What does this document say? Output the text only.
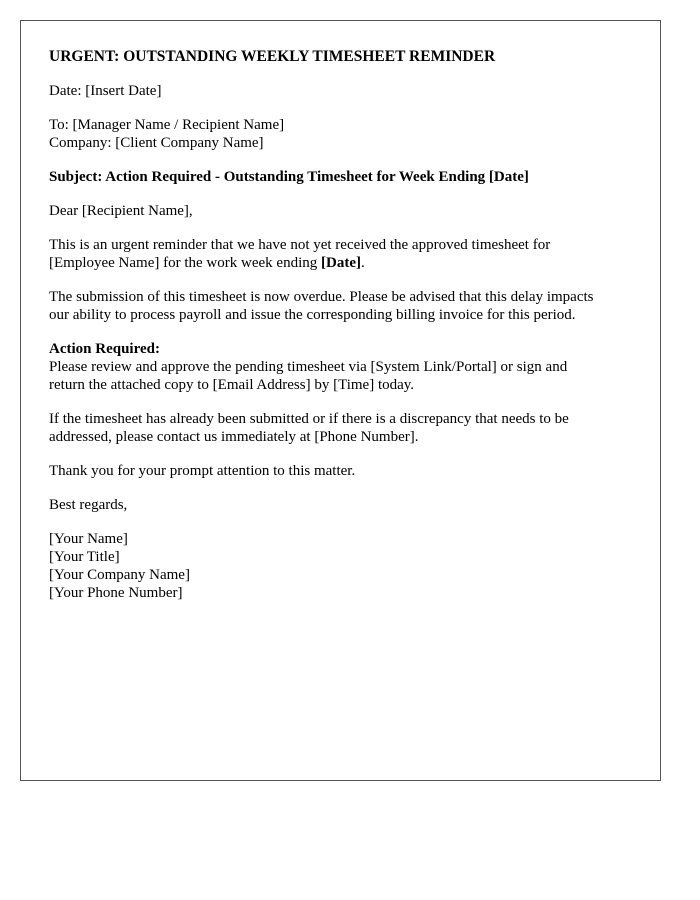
URGENT: OUTSTANDING WEEKLY TIMESHEET REMINDER

Date: [Insert Date]

To: [Manager Name / Recipient Name]
Company: [Client Company Name]

Subject: Action Required - Outstanding Timesheet for Week Ending [Date]

Dear [Recipient Name],

This is an urgent reminder that we have not yet received the approved timesheet for
[Employee Name] for the work week ending [Date].

The submission of this timesheet is now overdue. Please be advised that this delay impacts
our ability to process payroll and issue the corresponding billing invoice for this period.

Action Required:
Please review and approve the pending timesheet via [System Link/Portal] or sign and
return the attached copy to [Email Address] by [Time] today.

If the timesheet has already been submitted or if there is a discrepancy that needs to be
addressed, please contact us immediately at [Phone Number].

Thank you for your prompt attention to this matter.

Best regards,

[Your Name]
[Your Title]
[Your Company Name]
[Your Phone Number]
